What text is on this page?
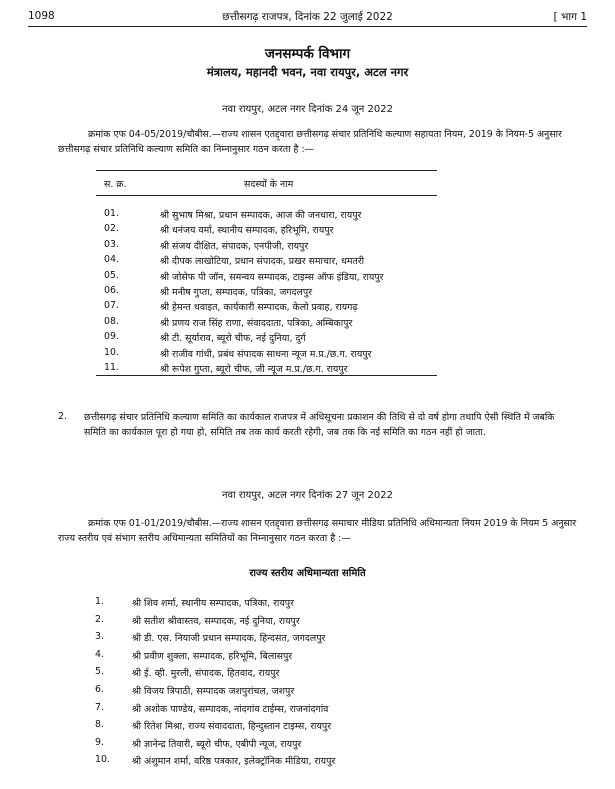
1098	छत्तीसगढ़ राजपत्र, दिनांक 22 जुलाई 2022	[ भाग 1
जनसम्पर्क विभाग
मंत्रालय, महानदी भवन, नवा रायपुर, अटल नगर
नवा रायपुर, अटल नगर दिनांक 24 जून 2022
क्रमांक एफ 04-05/2019/चौबीस.—राज्य शासन एतद्द्वारा छत्तीसगढ़ संचार प्रतिनिधि कल्याण सहायता नियम, 2019 के नियम-5 अनुसार छत्तीसगढ़ संचार प्रतिनिधि कल्याण समिति का निम्नानुसार गठन करता है :—
स. क्र.	सदस्यों के नाम
01.	श्री सुभाष मिश्रा, प्रधान सम्पादक, आज की जनधारा, रायपुर
02.	श्री धनंजय वर्मा, स्थानीय सम्पादक, हरिभूमि, रायपुर
03.	श्री संजय दीक्षित, संपादक, एनपीजी, रायपुर
04.	श्री दीपक लाखोटिया, प्रधान संपादक, प्रखर समाचार, धमतरी
05.	श्री जोसेफ पी जॉन, समन्वय सम्पादक, टाइम्स ऑफ इंडिया, रायपुर
06.	श्री मनीष गुप्ता, सम्पादक, पत्रिका, जगदलपुर
07.	श्री हेमन्त थवाइत, कार्यकारी सम्पादक, केलो प्रवाह, रायगढ़
08.	श्री प्रणय राज सिंह राणा, संवाददाता, पत्रिका, अम्बिकापुर
09.	श्री टी. सूर्याराव, ब्यूरो चीफ, नई दुनिया, दुर्ग
10.	श्री राजीव गांधी, प्रबंध संपादक साधना न्यूज म.प्र./छ.ग. रायपुर
11.	श्री रूपेश गुप्ता, ब्यूरो चीफ, जी न्यूज म.प्र./छ.ग. रायपुर
2. छत्तीसगढ़ संचार प्रतिनिधि कल्याण समिति का कार्यकाल राजपत्र में अधिसूचना प्रकाशन की तिथि से दो वर्ष होगा तथापि ऐसी स्थिति में जबकि समिति का कार्यकाल पूरा हो गया हो, समिति तब तक कार्य करती रहेगी, जब तक कि नई समिति का गठन नहीं हो जाता.
नवा रायपुर, अटल नगर दिनांक 27 जून 2022
क्रमांक एफ 01-01/2019/चौबीस.—राज्य शासन एतद्द्वारा छत्तीसगढ़ समाचार मीडिया प्रतिनिधि अधिमान्यता नियम 2019 के नियम 5 अनुसार राज्य स्तरीय एवं संभाग स्तरीय अधिमान्यता समितियों का निम्नानुसार गठन करता है :—
राज्य स्तरीय अधिमान्यता समिति
1.	श्री शिव शर्मा, स्थानीय सम्पादक, पत्रिका, रायपुर
2.	श्री सतीश श्रीवास्तव, सम्पादक, नई दुनिया, रायपुर
3.	श्री डी. एस. नियाजी प्रधान सम्पादक, हिन्दसत, जगदलपुर
4.	श्री प्रवीण शुक्ला, सम्पादक, हरिभूमि, बिलासपुर
5.	श्री ई. व्ही. मुरली, संपादक, हितवाद, रायपुर
6.	श्री विजय त्रिपाठी, सम्पादक जशपुरांचल, जशपुर
7.	श्री अशोक पाण्डेय, सम्पादक, नांदगांव टाईम्स, राजनांदगांव
8.	श्री रितेश मिश्रा, राज्य संवाददाता, हिन्दुस्तान टाइम्स, रायपुर
9.	श्री ज्ञानेन्द्र तिवारी, ब्यूरो चीफ, एबीपी न्यूज, रायपुर
10. श्री अंशुमान शर्मा, वरिष्ठ पत्रकार, इलेक्ट्रॉनिक मीडिया, रायपुर
